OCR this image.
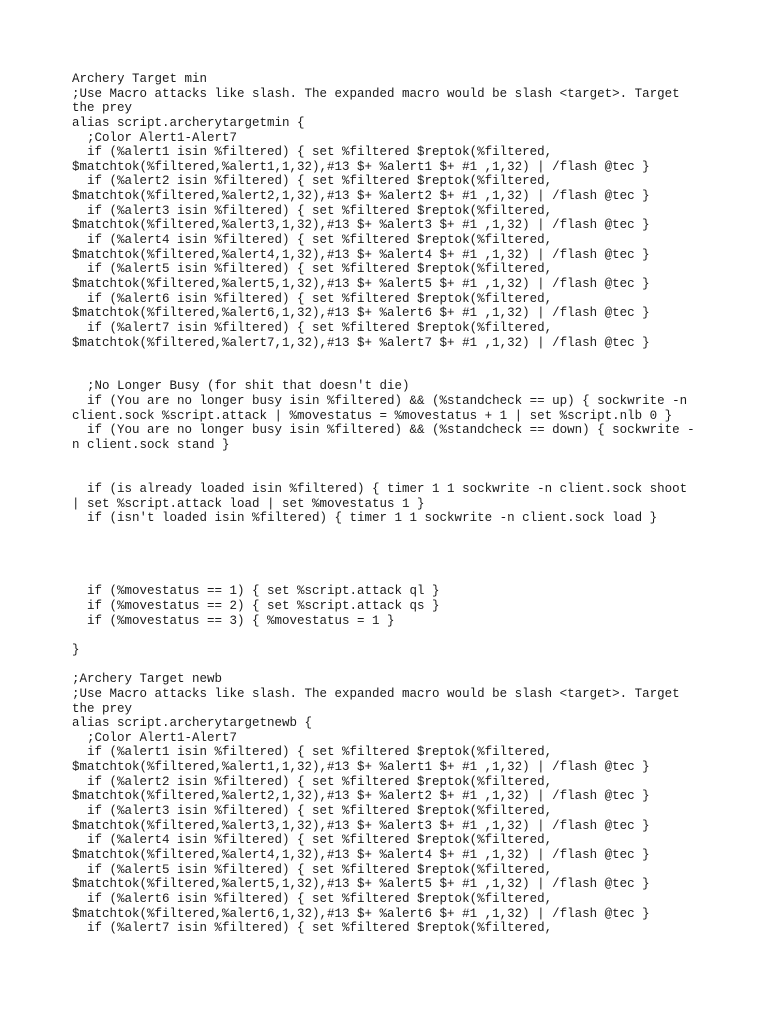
Archery Target min
;Use Macro attacks like slash. The expanded macro would be slash <target>. Target
the prey
alias script.archerytargetmin {
;Color Alert1-Alert7
if (%alert1 isin %filtered) { set %filtered $reptok(%filtered,
$matchtok(%filtered,%alert1,1,32),#13 $+ %alert1 $+ #1 ,1,32) | /flash @tec }
if (%alert2 isin %filtered) { set %filtered $reptok(%filtered,
$matchtok(%filtered,%alert2,1,32),#13 $+ %alert2 $+ #1 ,1,32) | /flash @tec }
if (%alert3 isin %filtered) { set %filtered $reptok(%filtered,
$matchtok(%filtered,%alert3,1,32),#13 $+ %alert3 $+ #1 ,1,32) | /flash @tec }
if (%alert4 isin %filtered) { set %filtered $reptok(%filtered,
$matchtok(%filtered,%alert4,1,32),#13 $+ %alert4 $+ #1 ,1,32) | /flash @tec }
if (%alert5 isin %filtered) { set %filtered $reptok(%filtered,
$matchtok(%filtered,%alert5,1,32),#13 $+ %alert5 $+ #1 ,1,32) | /flash @tec }
if (%alert6 isin %filtered) { set %filtered $reptok(%filtered,
$matchtok(%filtered,%alert6,1,32),#13 $+ %alert6 $+ #1 ,1,32) | /flash @tec }
if (%alert7 isin %filtered) { set %filtered $reptok(%filtered,
$matchtok(%filtered,%alert7,1,32),#13 $+ %alert7 $+ #1 ,1,32) | /flash @tec }
;No Longer Busy (for shit that doesn't die)
if (You are no longer busy isin %filtered) && (%standcheck == up) { sockwrite -n
client.sock %script.attack | %movestatus = %movestatus + 1 | set %script.nlb 0 }
if (You are no longer busy isin %filtered) && (%standcheck == down) { sockwrite -
n client.sock stand }
if (is already loaded isin %filtered) { timer 1 1 sockwrite -n client.sock shoot
| set %script.attack load | set %movestatus 1 }
if (isn't loaded isin %filtered) { timer 1 1 sockwrite -n client.sock load }
if (%movestatus == 1) { set %script.attack ql }
if (%movestatus == 2) { set %script.attack qs }
if (%movestatus == 3) { %movestatus = 1 }
}
;Archery Target newb
;Use Macro attacks like slash. The expanded macro would be slash <target>. Target
the prey
alias script.archerytargetnewb {
;Color Alert1-Alert7
if (%alert1 isin %filtered) { set %filtered $reptok(%filtered,
$matchtok(%filtered,%alert1,1,32),#13 $+ %alert1 $+ #1 ,1,32) | /flash @tec }
if (%alert2 isin %filtered) { set %filtered $reptok(%filtered,
$matchtok(%filtered,%alert2,1,32),#13 $+ %alert2 $+ #1 ,1,32) | /flash @tec }
if (%alert3 isin %filtered) { set %filtered $reptok(%filtered,
$matchtok(%filtered,%alert3,1,32),#13 $+ %alert3 $+ #1 ,1,32) | /flash @tec }
if (%alert4 isin %filtered) { set %filtered $reptok(%filtered,
$matchtok(%filtered,%alert4,1,32),#13 $+ %alert4 $+ #1 ,1,32) | /flash @tec }
if (%alert5 isin %filtered) { set %filtered $reptok(%filtered,
$matchtok(%filtered,%alert5,1,32),#13 $+ %alert5 $+ #1 ,1,32) | /flash @tec }
if (%alert6 isin %filtered) { set %filtered $reptok(%filtered,
$matchtok(%filtered,%alert6,1,32),#13 $+ %alert6 $+ #1 ,1,32) | /flash @tec }
if (%alert7 isin %filtered) { set %filtered $reptok(%filtered,
